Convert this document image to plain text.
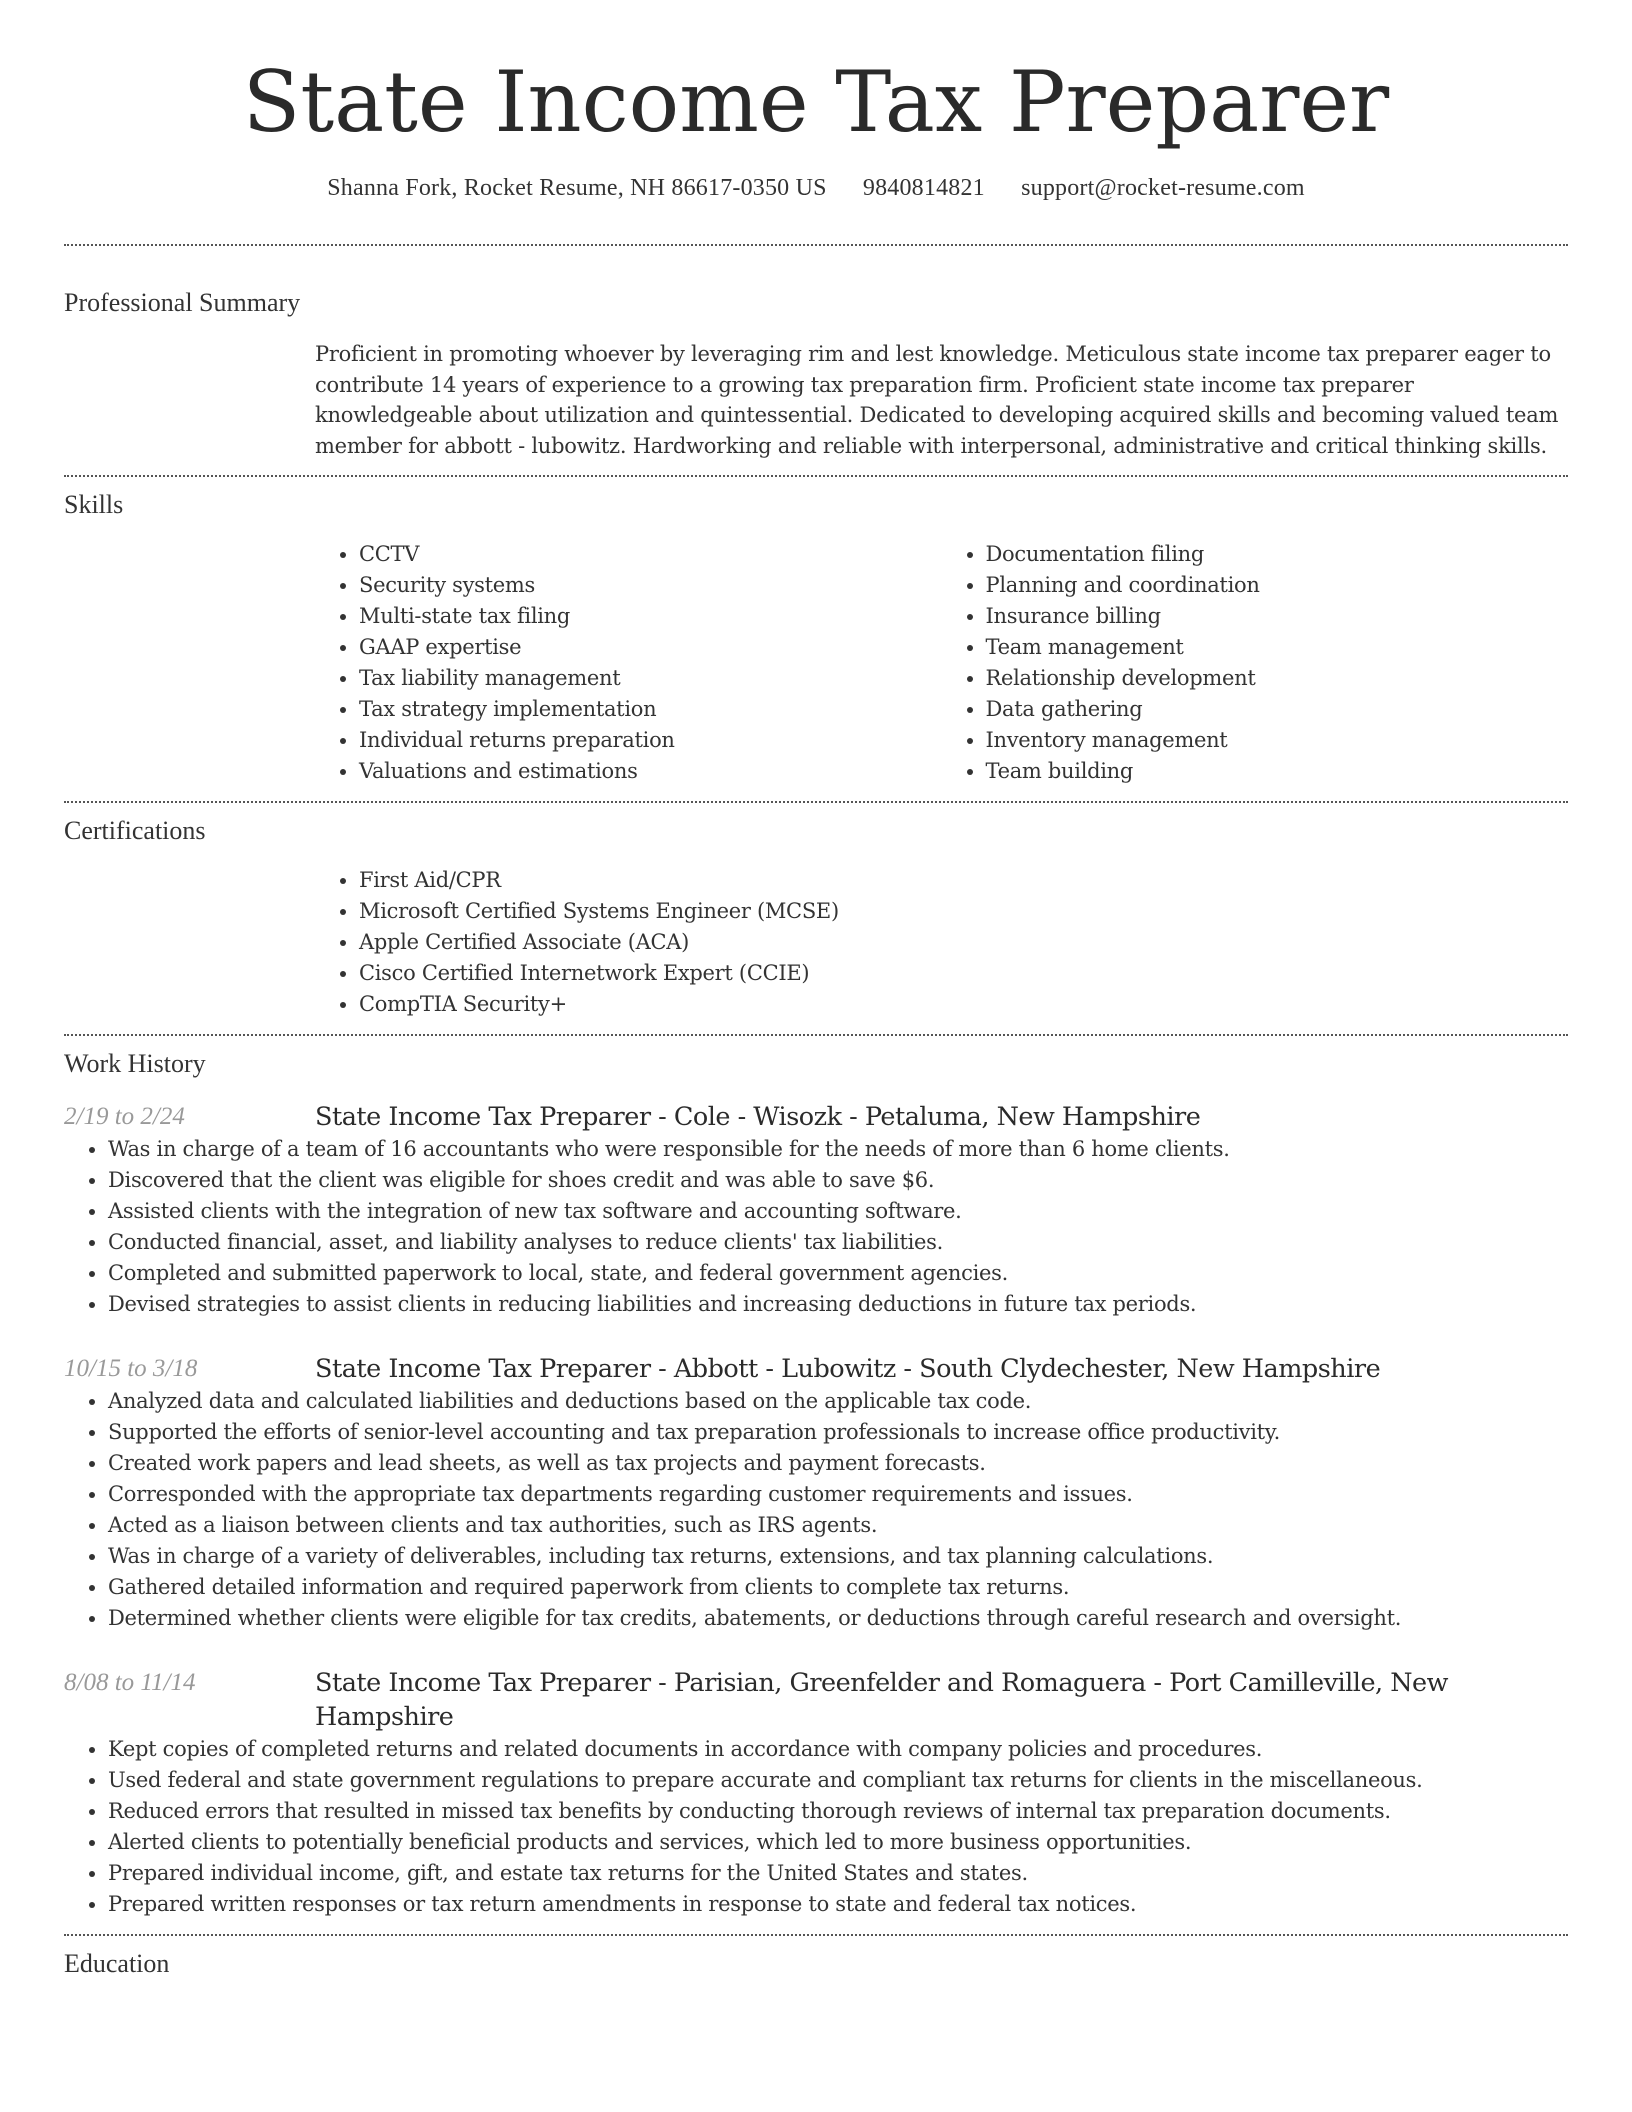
State Income Tax Preparer
Shanna Fork, Rocket Resume, NH 86617-0350 US 9840814821 support@rocket-resume.com
Professional Summary
Proficient in promoting whoever by leveraging rim and lest knowledge. Meticulous state income tax preparer eager to contribute 14 years of experience to a growing tax preparation firm. Proficient state income tax preparer knowledgeable about utilization and quintessential. Dedicated to developing acquired skills and becoming valued team member for abbott - lubowitz. Hardworking and reliable with interpersonal, administrative and critical thinking skills.
Skills
• CCTV
• Security systems
• Multi-state tax filing
• GAAP expertise
• Tax liability management
• Tax strategy implementation
• Individual returns preparation
• Valuations and estimations
• Documentation filing
• Planning and coordination
• Insurance billing
• Team management
• Relationship development
• Data gathering
• Inventory management
• Team building
Certifications
• First Aid/CPR
• Microsoft Certified Systems Engineer (MCSE)
• Apple Certified Associate (ACA)
• Cisco Certified Internetwork Expert (CCIE)
• CompTIA Security+
Work History
2/19 to 2/24	State Income Tax Preparer - Cole - Wisozk - Petaluma, New Hampshire
• Was in charge of a team of 16 accountants who were responsible for the needs of more than 6 home clients.
• Discovered that the client was eligible for shoes credit and was able to save $6.
• Assisted clients with the integration of new tax software and accounting software.
• Conducted financial, asset, and liability analyses to reduce clients' tax liabilities.
• Completed and submitted paperwork to local, state, and federal government agencies.
• Devised strategies to assist clients in reducing liabilities and increasing deductions in future tax periods.
10/15 to 3/18	State Income Tax Preparer - Abbott - Lubowitz - South Clydechester, New Hampshire
• Analyzed data and calculated liabilities and deductions based on the applicable tax code.
• Supported the efforts of senior-level accounting and tax preparation professionals to increase office productivity.
• Created work papers and lead sheets, as well as tax projects and payment forecasts.
• Corresponded with the appropriate tax departments regarding customer requirements and issues.
• Acted as a liaison between clients and tax authorities, such as IRS agents.
• Was in charge of a variety of deliverables, including tax returns, extensions, and tax planning calculations.
• Gathered detailed information and required paperwork from clients to complete tax returns.
• Determined whether clients were eligible for tax credits, abatements, or deductions through careful research and oversight.
8/08 to 11/14	State Income Tax Preparer - Parisian, Greenfelder and Romaguera - Port Camilleville, New Hampshire
• Kept copies of completed returns and related documents in accordance with company policies and procedures.
• Used federal and state government regulations to prepare accurate and compliant tax returns for clients in the miscellaneous.
• Reduced errors that resulted in missed tax benefits by conducting thorough reviews of internal tax preparation documents.
• Alerted clients to potentially beneficial products and services, which led to more business opportunities.
• Prepared individual income, gift, and estate tax returns for the United States and states.
• Prepared written responses or tax return amendments in response to state and federal tax notices.
Education
